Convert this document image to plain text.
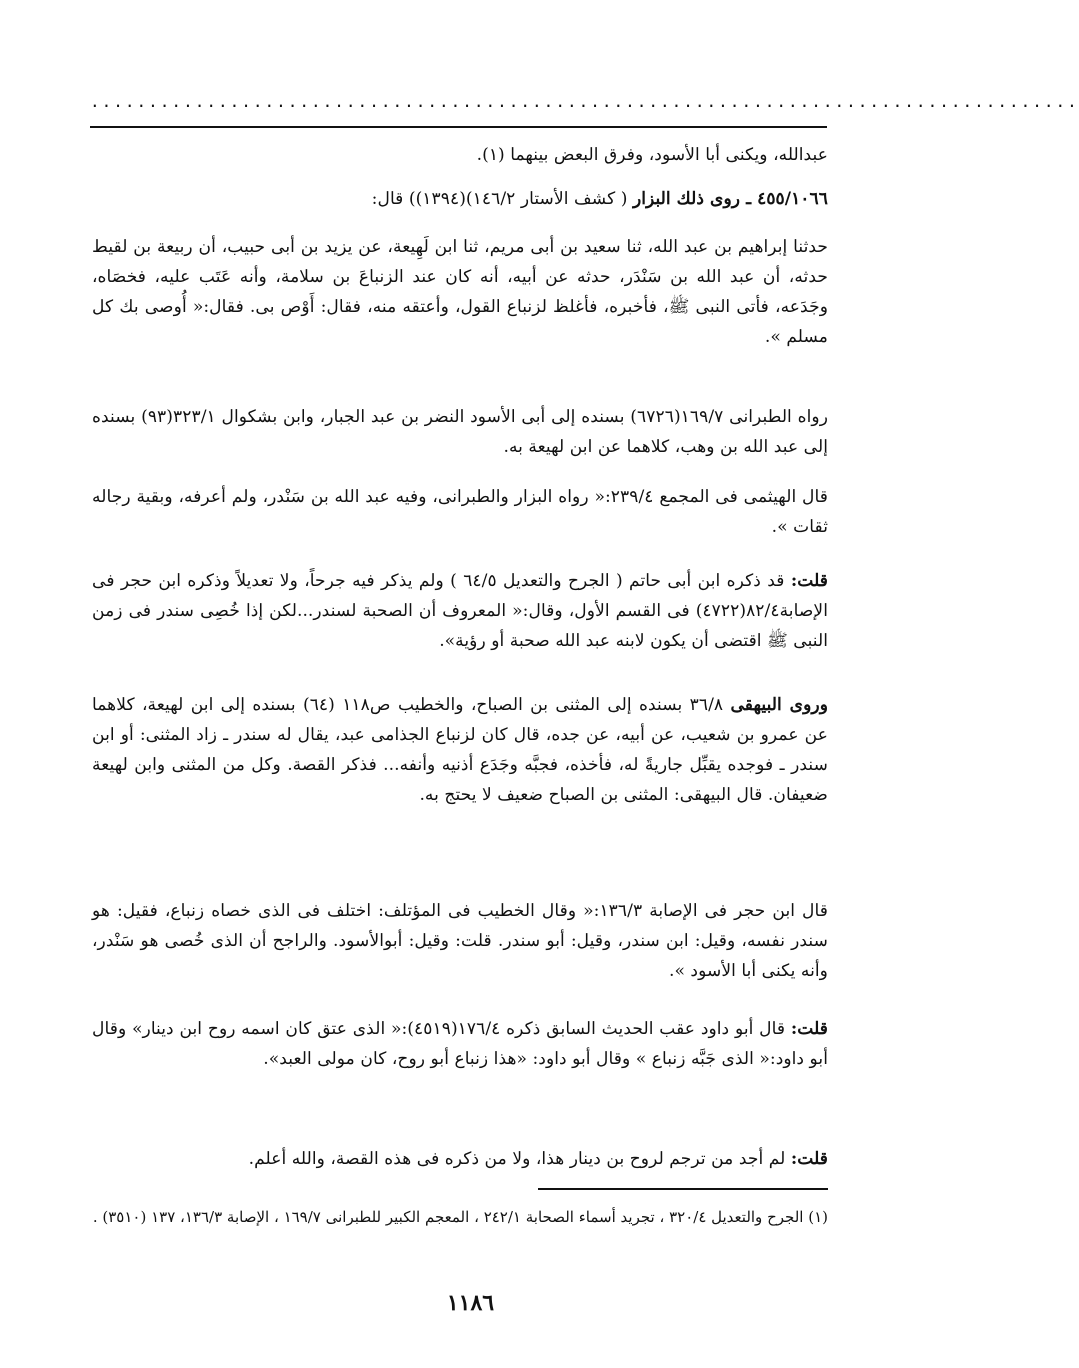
.....................................................................................
عبدالله، ويكنى أبا الأسود، وفرق البعض بينهما (١).
٤٥٥/١٠٦٦ ـ روى ذلك البزار ( كشف الأستار ١٤٦/٢)(١٣٩٤)) قال:
حدثنا إبراهيم بن عبد الله، ثنا سعيد بن أبى مريم، ثنا ابن لَهِيعة، عن يزيد بن أبى حبيب، أن ربيعة بن لقيط حدثه، أن عبد الله بن سَنْدَر، حدثه عن أبيه، أنه كان عند الزنباعَ بن سلامة، وأنه عَتَب عليه، فخصَاه، وجَدَعه، فأتى النبى ﷺ، فأخبره، فأغلظ لزنباع القول، وأعتقه منه، فقال: أَوْص بى. فقال:« أُوصى بك كل مسلم ».
رواه الطبرانى ١٦٩/٧(٦٧٢٦) بسنده إلى أبى الأسود النضر بن عبد الجبار، وابن بشكوال ٣٢٣/١(٩٣) بسنده إلى عبد الله بن وهب، كلاهما عن ابن لهيعة به.
قال الهيثمى فى المجمع ٢٣٩/٤:« رواه البزار والطبرانى، وفيه عبد الله بن سَنْدر، ولم أعرفه، وبقية رجاله ثقات ».
قلت: قد ذكره ابن أبى حاتم ( الجرح والتعديل ٦٤/٥ ) ولم يذكر فيه جرحاً، ولا تعديلاً وذكره ابن حجر فى الإصابة٨٢/٤(٤٧٢٢) فى القسم الأول، وقال:« المعروف أن الصحبة لسندر...لكن إذا خُصِى سندر فى زمن النبى ﷺ اقتضى أن يكون لابنه عبد الله صحبة أو رؤية».
وروى البيهقى ٣٦/٨ بسنده إلى المثنى بن الصباح، والخطيب ص١١٨ (٦٤) بسنده إلى ابن لهيعة، كلاهما عن عمرو بن شعيب، عن أبيه، عن جده، قال كان لزنباع الجذامى عبد، يقال له سندر ـ زاد المثنى: أو ابن سندر ـ فوجده يقبِّل جاريةً له، فأخذه، فجبَّه وجَدَع أذنيه وأنفه... فذكر القصة. وكل من المثنى وابن لهيعة ضعيفان. قال البيهقى: المثنى بن الصباح ضعيف لا يحتج به.
قال ابن حجر فى الإصابة ١٣٦/٣:« وقال الخطيب فى المؤتلف: اختلف فى الذى خصاه زنباع، فقيل: هو سندر نفسه، وقيل: ابن سندر، وقيل: أبو سندر. قلت: وقيل: أبوالأسود. والراجح أن الذى خُصى هو سَنْدر، وأنه يكنى أبا الأسود ».
قلت: قال أبو داود عقب الحديث السابق ذكره ١٧٦/٤(٤٥١٩):« الذى عتق كان اسمه روح ابن دينار» وقال أبو داود:« الذى جَبَّه زنباع » وقال أبو داود: «هذا زنباع أبو روح، كان مولى العبد».
قلت: لم أجد من ترجم لروح بن دينار هذا، ولا من ذكره فى هذه القصة، والله أعلم.
(١) الجرح والتعديل ٣٢٠/٤ ، تجريد أسماء الصحابة ٢٤٢/١ ، المعجم الكبير للطبرانى ١٦٩/٧ ، الإصابة ١٣٦/٣، ١٣٧ (٣٥١٠) .
١١٨٦
